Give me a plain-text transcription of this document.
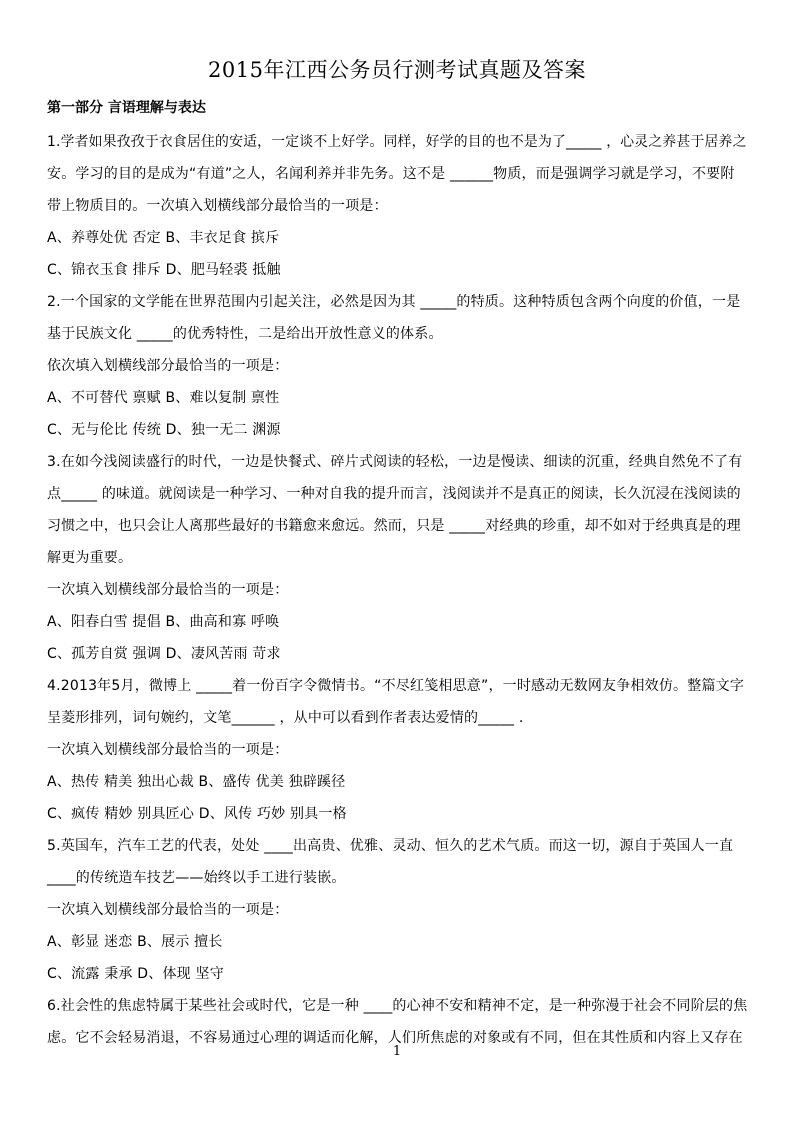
2015年江西公务员行测考试真题及答案
第一部分 言语理解与表达
1.学者如果孜孜于衣食居住的安适，一定谈不上好学。同样，好学的目的也不是为了_____ ，心灵之养甚于居养之
安。学习的目的是成为“有道”之人，名闻利养并非先务。这不是 ______物质，而是强调学习就是学习，不要附
带上物质目的。一次填入划横线部分最恰当的一项是：
A、养尊处优 否定 B、丰衣足食 摈斥
C、锦衣玉食 排斥 D、肥马轻裘 抵触
2.一个国家的文学能在世界范围内引起关注，必然是因为其 _____的特质。这种特质包含两个向度的价值，一是
基于民族文化 _____的优秀特性，二是给出开放性意义的体系。
依次填入划横线部分最恰当的一项是：
A、不可替代 禀赋 B、难以复制 禀性
C、无与伦比 传统 D、独一无二 渊源
3.在如今浅阅读盛行的时代，一边是快餐式、碎片式阅读的轻松，一边是慢读、细读的沉重，经典自然免不了有
点_____ 的味道。就阅读是一种学习、一种对自我的提升而言，浅阅读并不是真正的阅读，长久沉浸在浅阅读的
习惯之中，也只会让人离那些最好的书籍愈来愈远。然而，只是 _____对经典的珍重，却不如对于经典真是的理
解更为重要。
一次填入划横线部分最恰当的一项是：
A、阳春白雪 提倡 B、曲高和寡 呼唤
C、孤芳自赏 强调 D、凄风苦雨 苛求
4.2013年5月，微博上 _____着一份百字令微情书。“不尽红笺相思意”，一时感动无数网友争相效仿。整篇文字
呈菱形排列，词句婉约，文笔______ ，从中可以看到作者表达爱情的_____ .
一次填入划横线部分最恰当的一项是：
A、热传 精美 独出心裁 B、盛传 优美 独辟蹊径
C、疯传 精妙 别具匠心 D、风传 巧妙 别具一格
5.英国车，汽车工艺的代表，处处 ____出高贵、优雅、灵动、恒久的艺术气质。而这一切，源自于英国人一直
____的传统造车技艺——始终以手工进行装嵌。
一次填入划横线部分最恰当的一项是：
A、彰显 迷恋 B、展示 擅长
C、流露 秉承 D、体现 坚守
6.社会性的焦虑特属于某些社会或时代，它是一种 ____的心神不安和精神不定，是一种弥漫于社会不同阶层的焦
虑。它不会轻易消退，不容易通过心理的调适而化解，人们所焦虑的对象或有不同，但在其性质和内容上又存在
1
